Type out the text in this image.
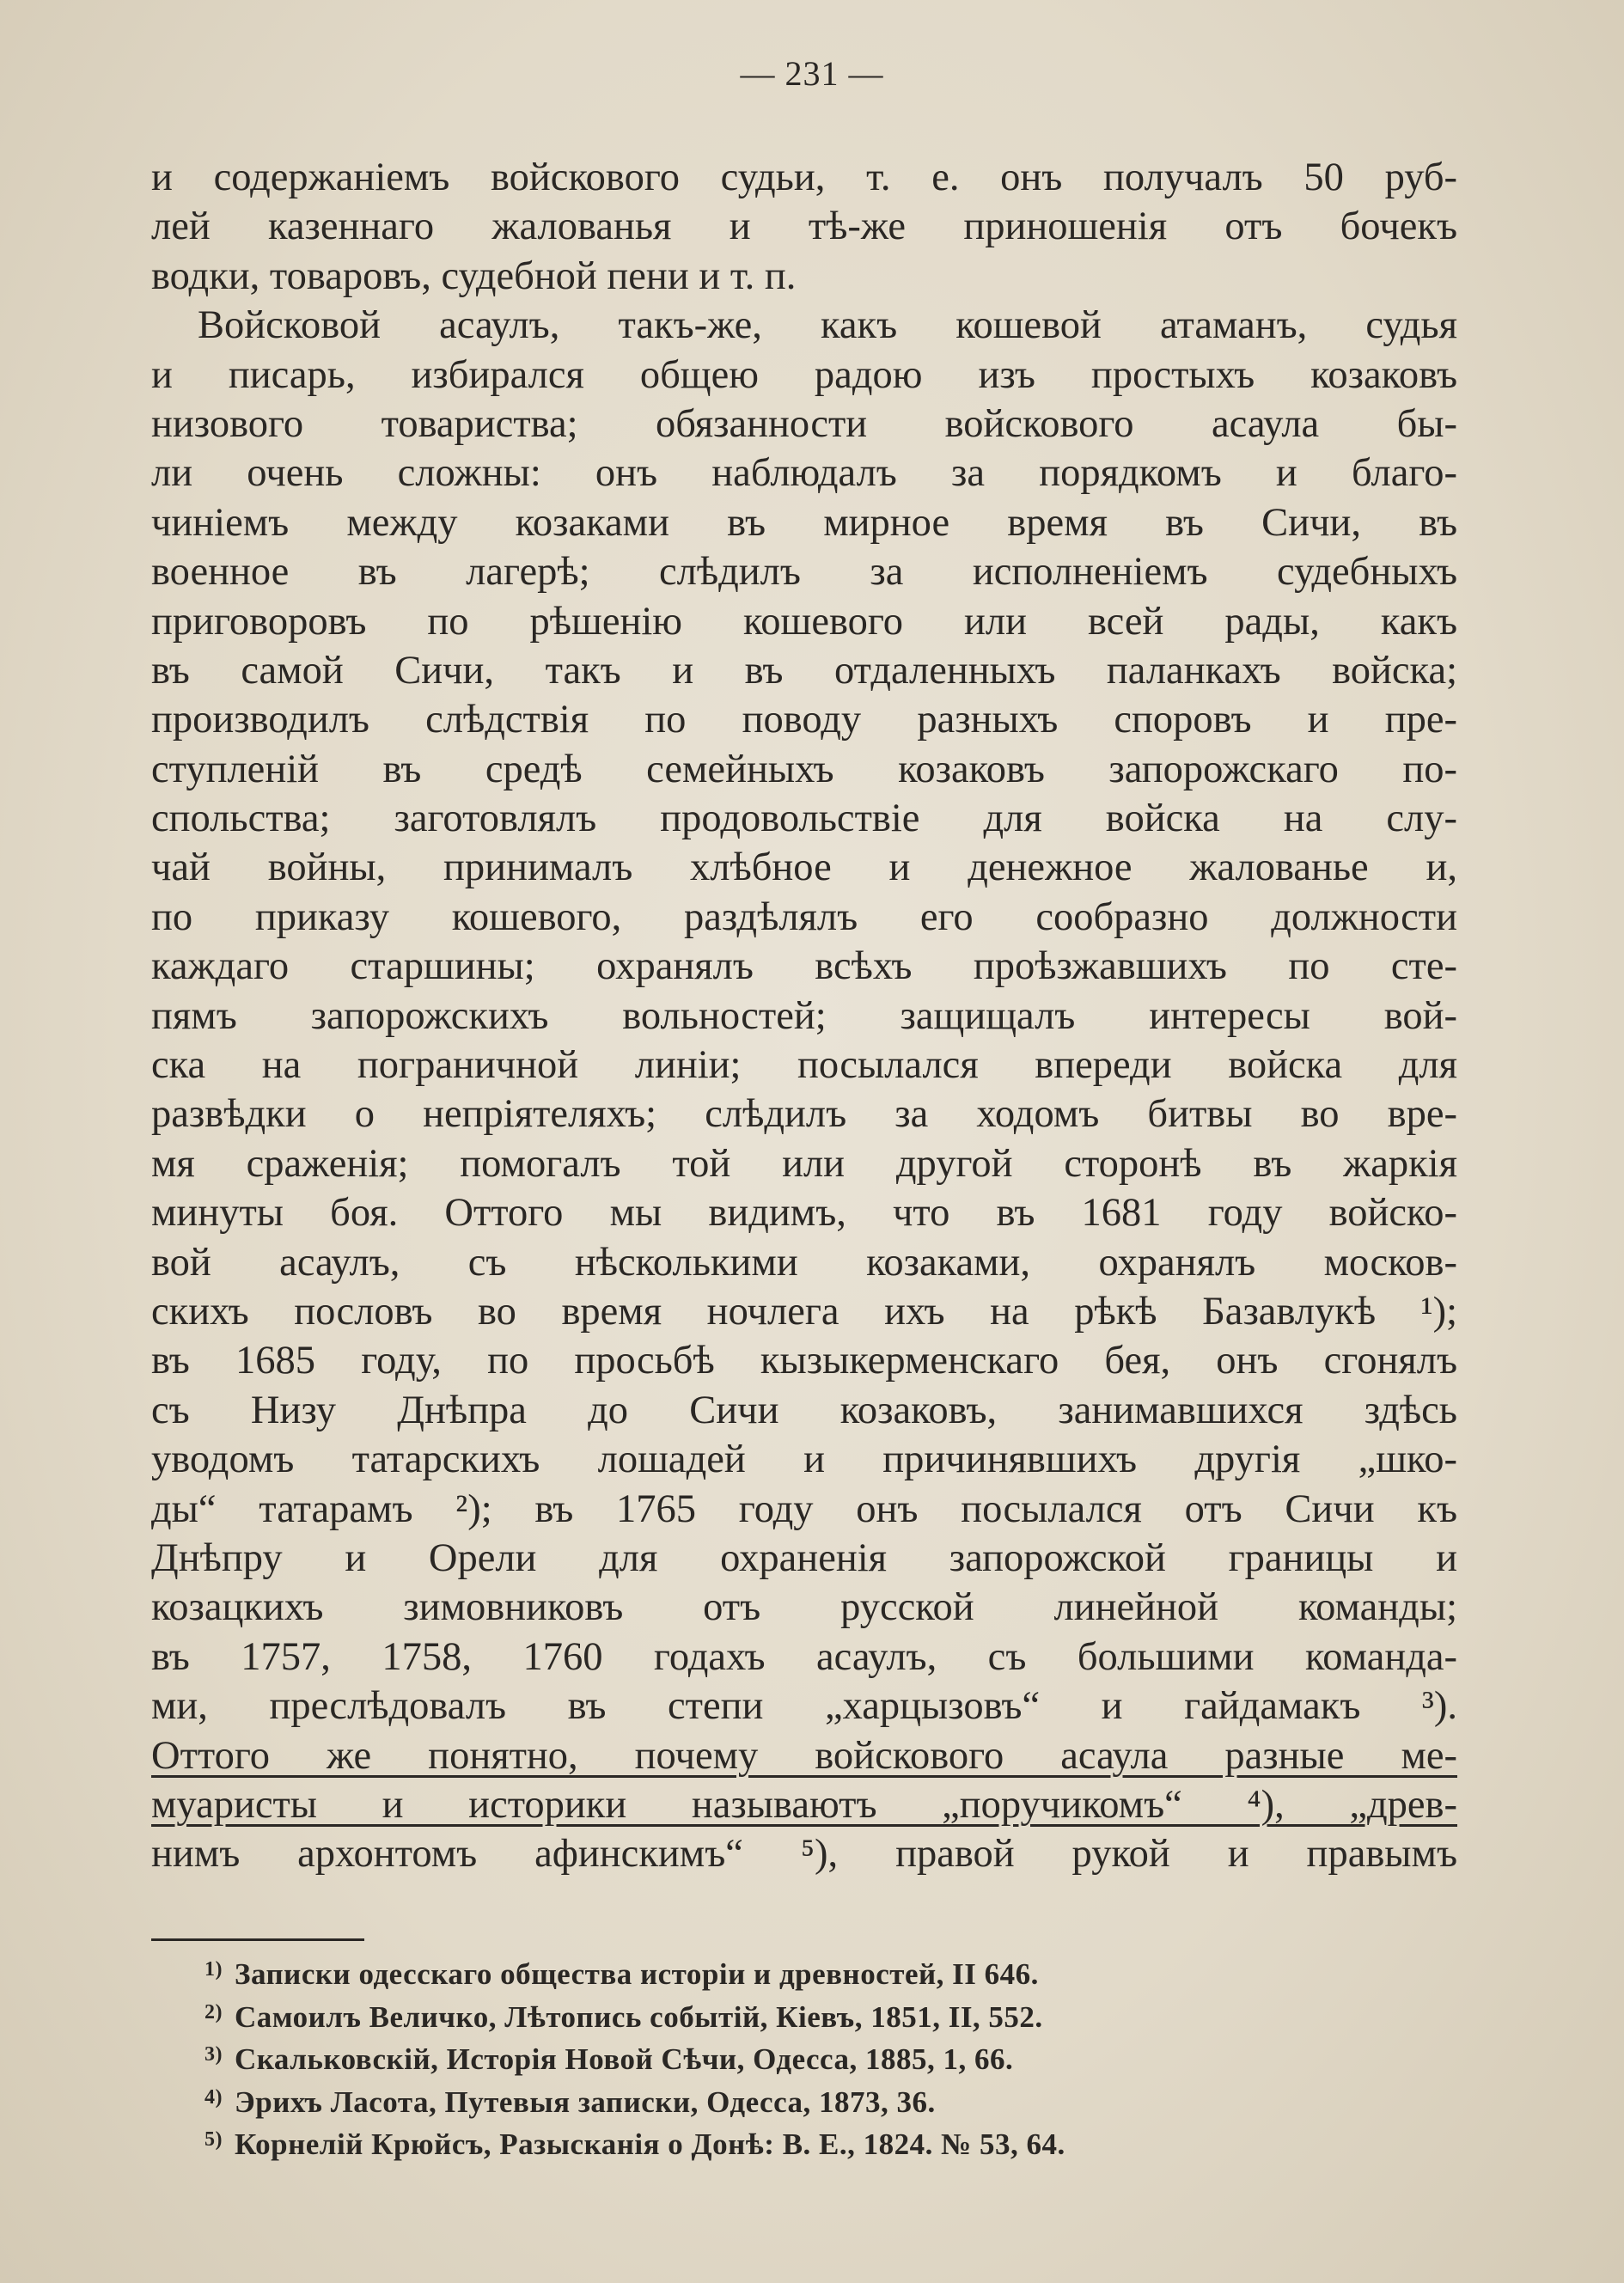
— 231 —
и содержаніемъ войскового судьи, т. е. онъ получалъ 50 руб-
лей казеннаго жалованья и тѣ-же приношенія отъ бочекъ
водки, товаровъ, судебной пени и т. п.
Войсковой асаулъ, такъ-же, какъ кошевой атаманъ, судья
и писарь, избирался общею радою изъ простыхъ козаковъ
низового товариства; обязанности войскового асаула бы-
ли очень сложны: онъ наблюдалъ за порядкомъ и благо-
чиніемъ между козаками въ мирное время въ Сичи, въ
военное въ лагерѣ; слѣдилъ за исполненіемъ судебныхъ
приговоровъ по рѣшенію кошевого или всей рады, какъ
въ самой Сичи, такъ и въ отдаленныхъ паланкахъ войска;
производилъ слѣдствія по поводу разныхъ споровъ и пре-
ступленій въ средѣ семейныхъ козаковъ запорожскаго по-
спольства; заготовлялъ продовольствіе для войска на слу-
чай войны, принималъ хлѣбное и денежное жалованье и,
по приказу кошевого, раздѣлялъ его сообразно должности
каждаго старшины; охранялъ всѣхъ проѣзжавшихъ по сте-
пямъ запорожскихъ вольностей; защищалъ интересы вой-
ска на пограничной линіи; посылался впереди войска для
развѣдки о непріятеляхъ; слѣдилъ за ходомъ битвы во вре-
мя сраженія; помогалъ той или другой сторонѣ въ жаркія
минуты боя. Оттого мы видимъ, что въ 1681 году войско-
вой асаулъ, съ нѣсколькими козаками, охранялъ москов-
скихъ пословъ во время ночлега ихъ на рѣкѣ Базавлукѣ ¹);
въ 1685 году, по просьбѣ кызыкерменскаго бея, онъ сгонялъ
съ Низу Днѣпра до Сичи козаковъ, занимавшихся здѣсь
уводомъ татарскихъ лошадей и причинявшихъ другія „шко-
ды“ татарамъ ²); въ 1765 году онъ посылался отъ Сичи къ
Днѣпру и Орели для охраненія запорожской границы и
козацкихъ зимовниковъ отъ русской линейной команды;
въ 1757, 1758, 1760 годахъ асаулъ, съ большими команда-
ми, преслѣдовалъ въ степи „харцызовъ“ и гайдамакъ ³).
Оттого же понятно, почему войскового асаула разные ме-
муаристы и историки называютъ „поручикомъ“ ⁴), „древ-
нимъ архонтомъ афинскимъ“ ⁵), правой рукой и правымъ
$^{1)}$ Записки одесскаго общества исторіи и древностей, II 646.
$^{2)}$ Самоилъ Величко, Лѣтопись событій, Кіевъ, 1851, II, 552.
$^{3)}$ Скальковскій, Исторія Новой Сѣчи, Одесса, 1885, 1, 66.
$^{4)}$ Эрихъ Ласота, Путевыя записки, Одесса, 1873, 36.
$^{5)}$ Корнелій Крюйсъ, Разысканія о Донѣ: В. Е., 1824. № 53, 64.
